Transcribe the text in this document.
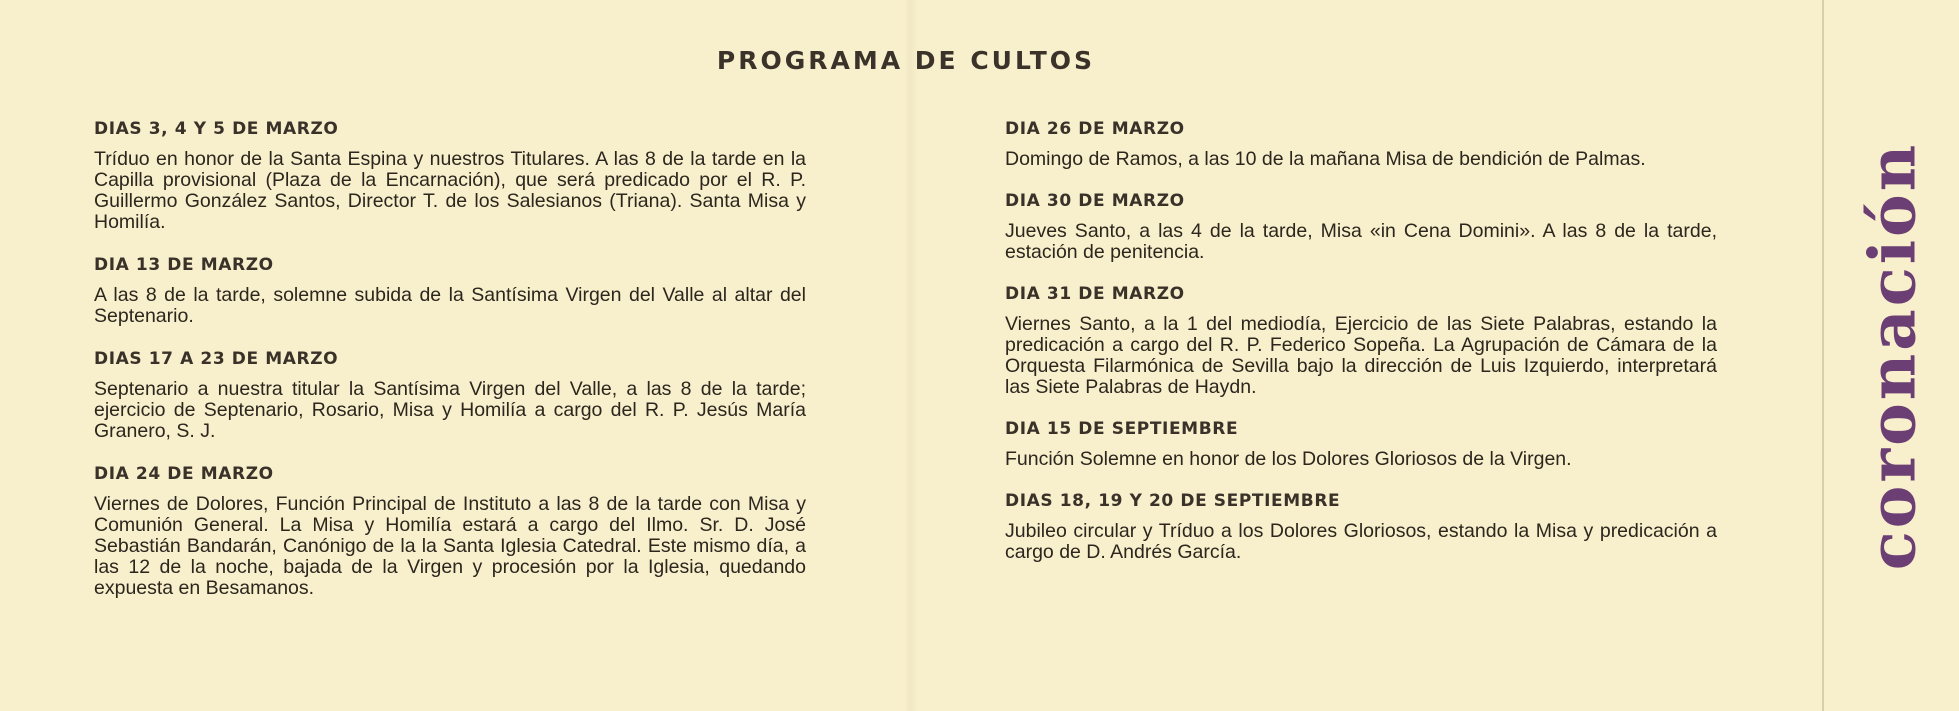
PROGRAMA DE CULTOS
DIAS 3, 4 Y 5 DE MARZO

Tríduo en honor de la Santa Espina y nuestros Titulares. A las 8 de la tarde en la Capilla provisional (Plaza de la Encarnación), que será predicado por el R. P. Guillermo González Santos, Director T. de los Salesianos (Triana). Santa Misa y Homilía.

DIA 13 DE MARZO

A las 8 de la tarde, solemne subida de la Santísima Virgen del Valle al altar del Septenario.

DIAS 17 A 23 DE MARZO

Septenario a nuestra titular la Santísima Virgen del Valle, a las 8 de la tarde; ejercicio de Septenario, Rosario, Misa y Homilía a cargo del R. P. Jesús María Granero, S. J.

DIA 24 DE MARZO

Viernes de Dolores, Función Principal de Instituto a las 8 de la tarde con Misa y Comunión General. La Misa y Homilía estará a cargo del Ilmo. Sr. D. José Sebastián Bandarán, Canónigo de la la Santa Iglesia Catedral. Este mismo día, a las 12 de la noche, bajada de la Virgen y procesión por la Iglesia, quedando expuesta en Besamanos.

DIA 26 DE MARZO

Domingo de Ramos, a las 10 de la mañana Misa de bendición de Palmas.

DIA 30 DE MARZO

Jueves Santo, a las 4 de la tarde, Misa «in Cena Domini». A las 8 de la tarde, estación de penitencia.

DIA 31 DE MARZO

Viernes Santo, a la 1 del mediodía, Ejercicio de las Siete Palabras, estando la predicación a cargo del R. P. Federico Sopeña. La Agrupación de Cámara de la Orquesta Filarmónica de Sevilla bajo la dirección de Luis Izquierdo, interpretará las Siete Palabras de Haydn.

DIA 15 DE SEPTIEMBRE

Función Solemne en honor de los Dolores Gloriosos de la Virgen.

DIAS 18, 19 Y 20 DE SEPTIEMBRE

Jubileo circular y Tríduo a los Dolores Gloriosos, estando la Misa y predicación a cargo de D. Andrés García.	coronación
